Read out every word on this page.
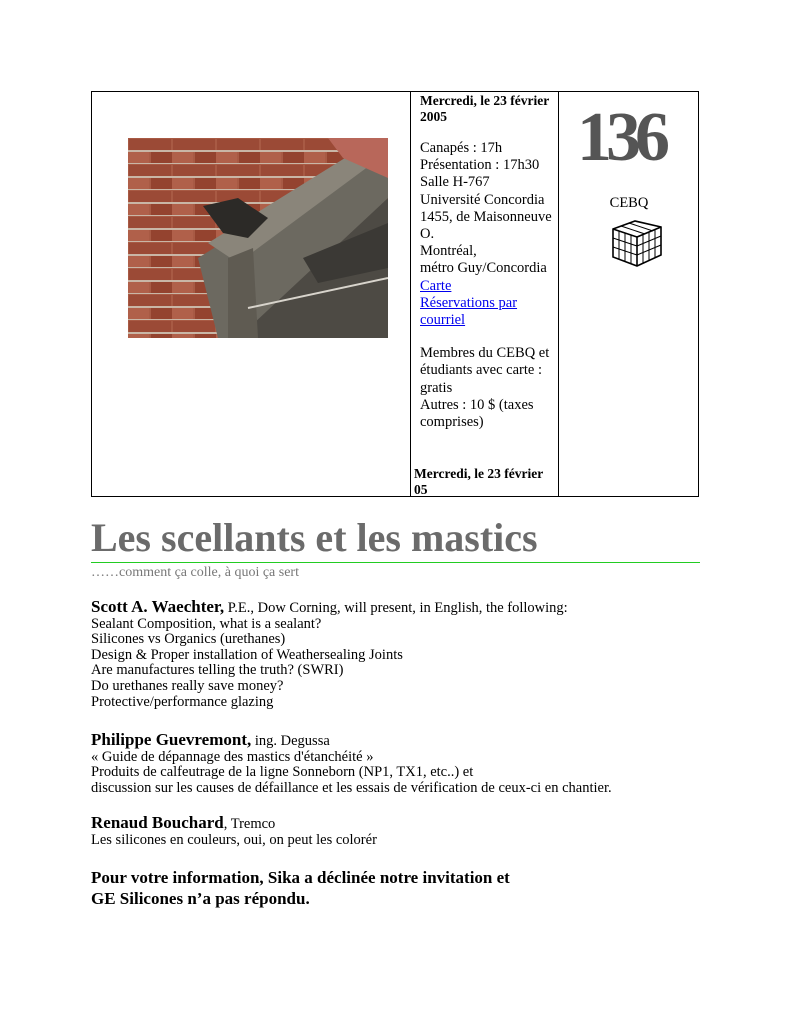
Mercredi, le 23 février 2005
Canapés : 17h
Présentation : 17h30
Salle H-767
Université Concordia
1455, de Maisonneuve O.
Montréal,
métro Guy/Concordia
Carte
Réservations par courriel
Membres du CEBQ et étudiants avec carte : gratis
Autres : 10 $ (taxes comprises)
Mercredi, le 23 février 05
136
CEBQ
Les scellants et les mastics
……comment ça colle, à quoi ça sert
Scott A. Waechter, P.E., Dow Corning, will present, in English, the following:
Sealant Composition, what is a sealant?
Silicones vs Organics (urethanes)
Design & Proper installation of Weathersealing Joints
Are manufactures telling the truth? (SWRI)
Do urethanes really save money?
Protective/performance glazing
Philippe Guevremont, ing. Degussa
« Guide de dépannage des mastics d'étanchéité »
Produits de calfeutrage de la ligne Sonneborn (NP1, TX1, etc..) et
discussion sur les causes de défaillance et les essais de vérification de ceux-ci en chantier.
Renaud Bouchard, Tremco
Les silicones en couleurs, oui, on peut les colorér
Pour votre information, Sika a déclinée notre invitation et
GE Silicones n’a pas répondu.
